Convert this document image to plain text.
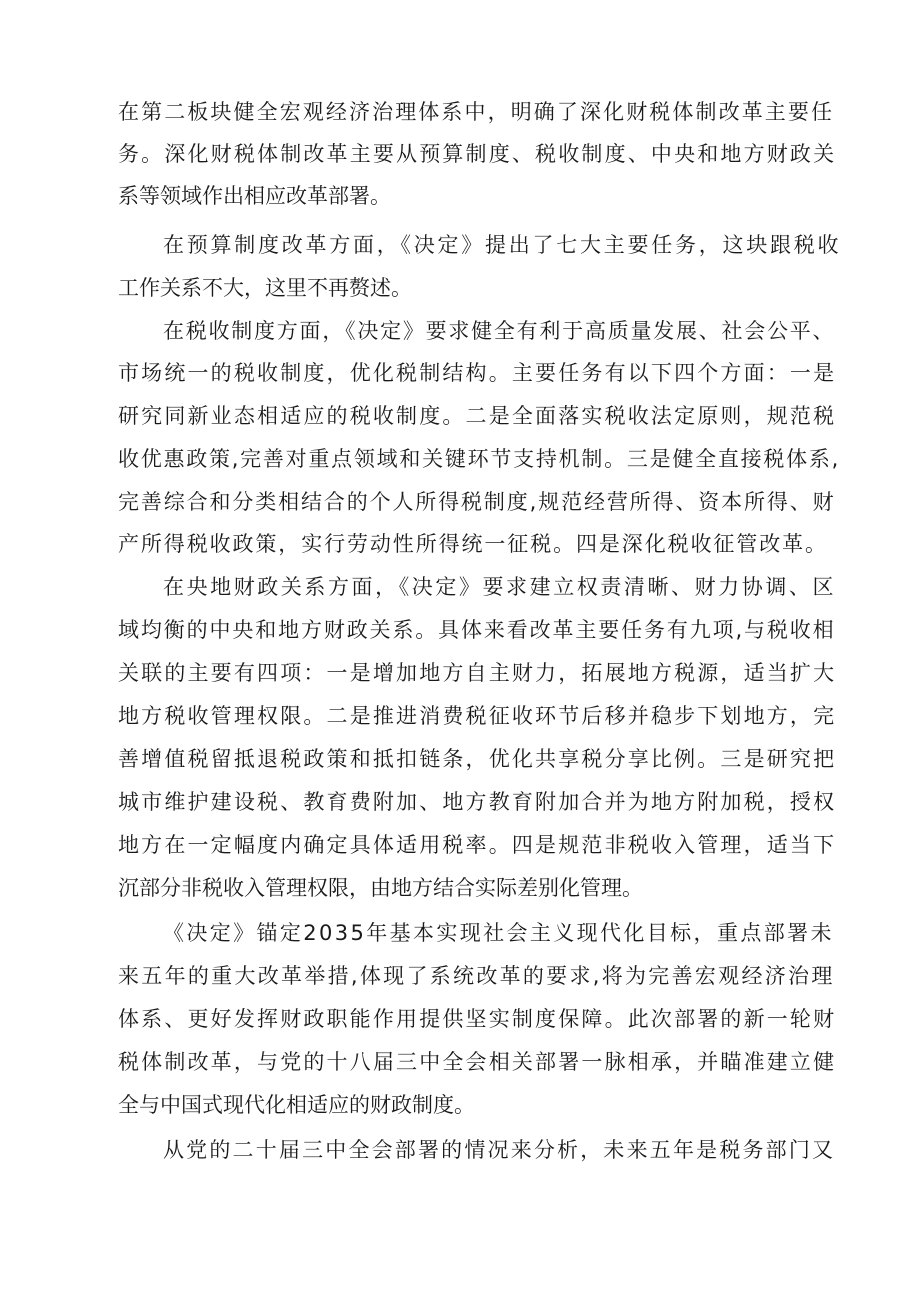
在第二板块健全宏观经济治理体系中，明确了深化财税体制改革主要任
务。深化财税体制改革主要从预算制度、税收制度、中央和地方财政关
系等领域作出相应改革部署。
在预算制度改革方面，《决定》提出了七大主要任务，这块跟税收
工作关系不大，这里不再赘述。
在税收制度方面，《决定》要求健全有利于高质量发展、社会公平、
市场统一的税收制度，优化税制结构。主要任务有以下四个方面：一是
研究同新业态相适应的税收制度。二是全面落实税收法定原则，规范税
收优惠政策,完善对重点领域和关键环节支持机制。三是健全直接税体系,
完善综合和分类相结合的个人所得税制度,规范经营所得、资本所得、财
产所得税收政策，实行劳动性所得统一征税。四是深化税收征管改革。
在央地财政关系方面，《决定》要求建立权责清晰、财力协调、区
域均衡的中央和地方财政关系。具体来看改革主要任务有九项,与税收相
关联的主要有四项：一是增加地方自主财力，拓展地方税源，适当扩大
地方税收管理权限。二是推进消费税征收环节后移并稳步下划地方，完
善增值税留抵退税政策和抵扣链条，优化共享税分享比例。三是研究把
城市维护建设税、教育费附加、地方教育附加合并为地方附加税，授权
地方在一定幅度内确定具体适用税率。四是规范非税收入管理，适当下
沉部分非税收入管理权限，由地方结合实际差别化管理。
《决定》锚定2035年基本实现社会主义现代化目标，重点部署未
来五年的重大改革举措,体现了系统改革的要求,将为完善宏观经济治理
体系、更好发挥财政职能作用提供坚实制度保障。此次部署的新一轮财
税体制改革，与党的十八届三中全会相关部署一脉相承，并瞄准建立健
全与中国式现代化相适应的财政制度。
从党的二十届三中全会部署的情况来分析，未来五年是税务部门又
